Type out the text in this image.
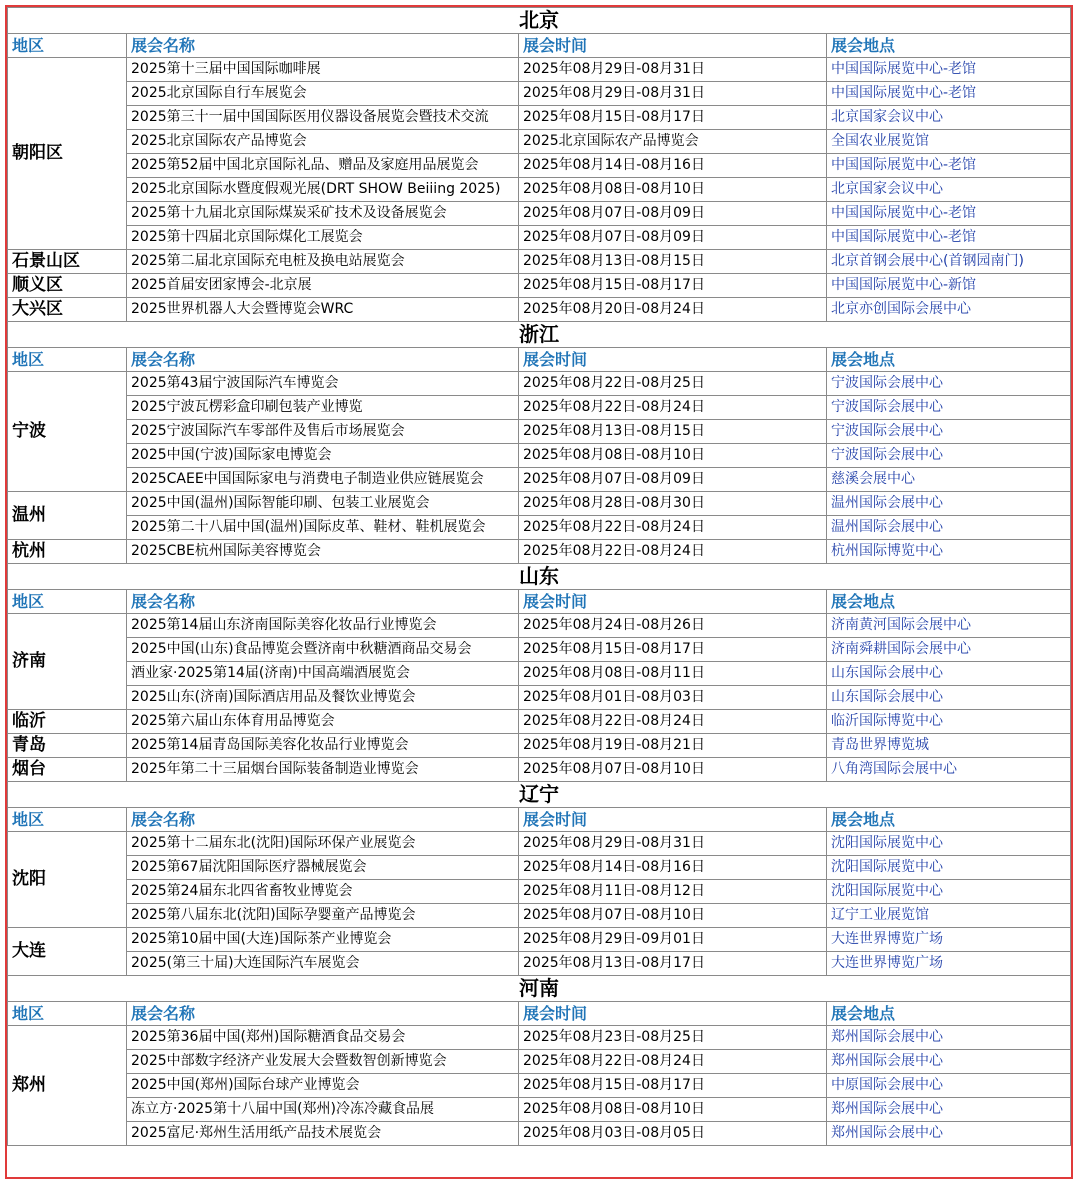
北京			
地区	展会名称	展会时间	展会地点
朝阳区	2025第十三届中国国际咖啡展	2025年08月29日-08月31日	中国国际展览中心-老馆
	2025北京国际自行车展览会	2025年08月29日-08月31日	中国国际展览中心-老馆
	2025第三十一届中国国际医用仪器设备展览会暨技术交流	2025年08月15日-08月17日	北京国家会议中心
	2025北京国际农产品博览会	2025北京国际农产品博览会	全国农业展览馆
	2025第52届中国北京国际礼品、赠品及家庭用品展览会	2025年08月14日-08月16日	中国国际展览中心-老馆
	2025北京国际水暨度假观光展(DRT SHOW Beiiing 2025)	2025年08月08日-08月10日	北京国家会议中心
	2025第十九届北京国际煤炭采矿技术及设备展览会	2025年08月07日-08月09日	中国国际展览中心-老馆
	2025第十四届北京国际煤化工展览会	2025年08月07日-08月09日	中国国际展览中心-老馆
石景山区	2025第二届北京国际充电桩及换电站展览会	2025年08月13日-08月15日	北京首钢会展中心(首钢园南门)
顺义区	2025首届安团家博会-北京展	2025年08月15日-08月17日	中国国际展览中心-新馆
大兴区	2025世界机器人大会暨博览会WRC	2025年08月20日-08月24日	北京亦创国际会展中心
浙江			
地区	展会名称	展会时间	展会地点
宁波	2025第43届宁波国际汽车博览会	2025年08月22日-08月25日	宁波国际会展中心
	2025宁波瓦楞彩盒印刷包装产业博览	2025年08月22日-08月24日	宁波国际会展中心
	2025宁波国际汽车零部件及售后市场展览会	2025年08月13日-08月15日	宁波国际会展中心
	2025中国(宁波)国际家电博览会	2025年08月08日-08月10日	宁波国际会展中心
	2025CAEE中国国际家电与消费电子制造业供应链展览会	2025年08月07日-08月09日	慈溪会展中心
温州	2025中国(温州)国际智能印刷、包装工业展览会	2025年08月28日-08月30日	温州国际会展中心
	2025第二十八届中国(温州)国际皮革、鞋材、鞋机展览会	2025年08月22日-08月24日	温州国际会展中心
杭州	2025CBE杭州国际美容博览会	2025年08月22日-08月24日	杭州国际博览中心
山东			
地区	展会名称	展会时间	展会地点
济南	2025第14届山东济南国际美容化妆品行业博览会	2025年08月24日-08月26日	济南黄河国际会展中心
	2025中国(山东)食品博览会暨济南中秋糖酒商品交易会	2025年08月15日-08月17日	济南舜耕国际会展中心
	酒业家·2025第14届(济南)中国高端酒展览会	2025年08月08日-08月11日	山东国际会展中心
	2025山东(济南)国际酒店用品及餐饮业博览会	2025年08月01日-08月03日	山东国际会展中心
临沂	2025第六届山东体育用品博览会	2025年08月22日-08月24日	临沂国际博览中心
青岛	2025第14届青岛国际美容化妆品行业博览会	2025年08月19日-08月21日	青岛世界博览城
烟台	2025年第二十三届烟台国际装备制造业博览会	2025年08月07日-08月10日	八角湾国际会展中心
辽宁			
地区	展会名称	展会时间	展会地点
沈阳	2025第十二届东北(沈阳)国际环保产业展览会	2025年08月29日-08月31日	沈阳国际展览中心
	2025第67届沈阳国际医疗器械展览会	2025年08月14日-08月16日	沈阳国际展览中心
	2025第24届东北四省畜牧业博览会	2025年08月11日-08月12日	沈阳国际展览中心
	2025第八届东北(沈阳)国际孕婴童产品博览会	2025年08月07日-08月10日	辽宁工业展览馆
大连	2025第10届中国(大连)国际茶产业博览会	2025年08月29日-09月01日	大连世界博览广场
	2025(第三十届)大连国际汽车展览会	2025年08月13日-08月17日	大连世界博览广场
河南			
地区	展会名称	展会时间	展会地点
郑州	2025第36届中国(郑州)国际糖酒食品交易会	2025年08月23日-08月25日	郑州国际会展中心
	2025中部数字经济产业发展大会暨数智创新博览会	2025年08月22日-08月24日	郑州国际会展中心
	2025中国(郑州)国际台球产业博览会	2025年08月15日-08月17日	中原国际会展中心
	冻立方·2025第十八届中国(郑州)冷冻冷藏食品展	2025年08月08日-08月10日	郑州国际会展中心
	2025富尼·郑州生活用纸产品技术展览会	2025年08月03日-08月05日	郑州国际会展中心
